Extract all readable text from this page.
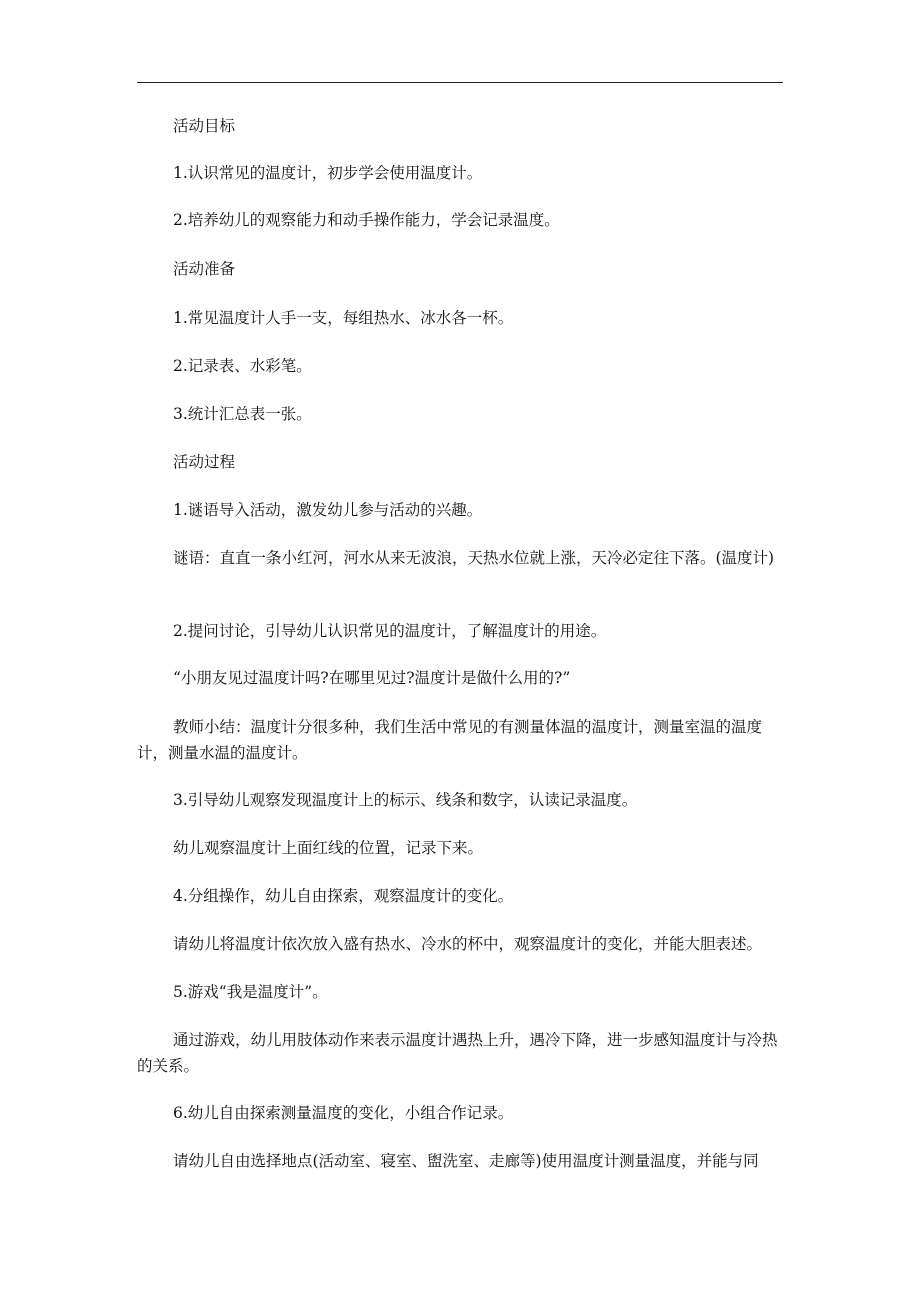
活动目标

1.认识常见的温度计，初步学会使用温度计。

2.培养幼儿的观察能力和动手操作能力，学会记录温度。

活动准备

1.常见温度计人手一支，每组热水、冰水各一杯。

2.记录表、水彩笔。

3.统计汇总表一张。

活动过程

1.谜语导入活动，激发幼儿参与活动的兴趣。

谜语：直直一条小红河，河水从来无波浪，天热水位就上涨，天冷必定往下落。(温度计)

2.提问讨论，引导幼儿认识常见的温度计，了解温度计的用途。

“小朋友见过温度计吗?在哪里见过?温度计是做什么用的?”

教师小结：温度计分很多种，我们生活中常见的有测量体温的温度计，测量室温的温度计，测量水温的温度计。

3.引导幼儿观察发现温度计上的标示、线条和数字，认读记录温度。

幼儿观察温度计上面红线的位置，记录下来。

4.分组操作，幼儿自由探索，观察温度计的变化。

请幼儿将温度计依次放入盛有热水、冷水的杯中，观察温度计的变化，并能大胆表述。

5.游戏“我是温度计”。

通过游戏，幼儿用肢体动作来表示温度计遇热上升，遇冷下降，进一步感知温度计与冷热的关系。

6.幼儿自由探索测量温度的变化，小组合作记录。

请幼儿自由选择地点(活动室、寝室、盥洗室、走廊等)使用温度计测量温度，并能与同
